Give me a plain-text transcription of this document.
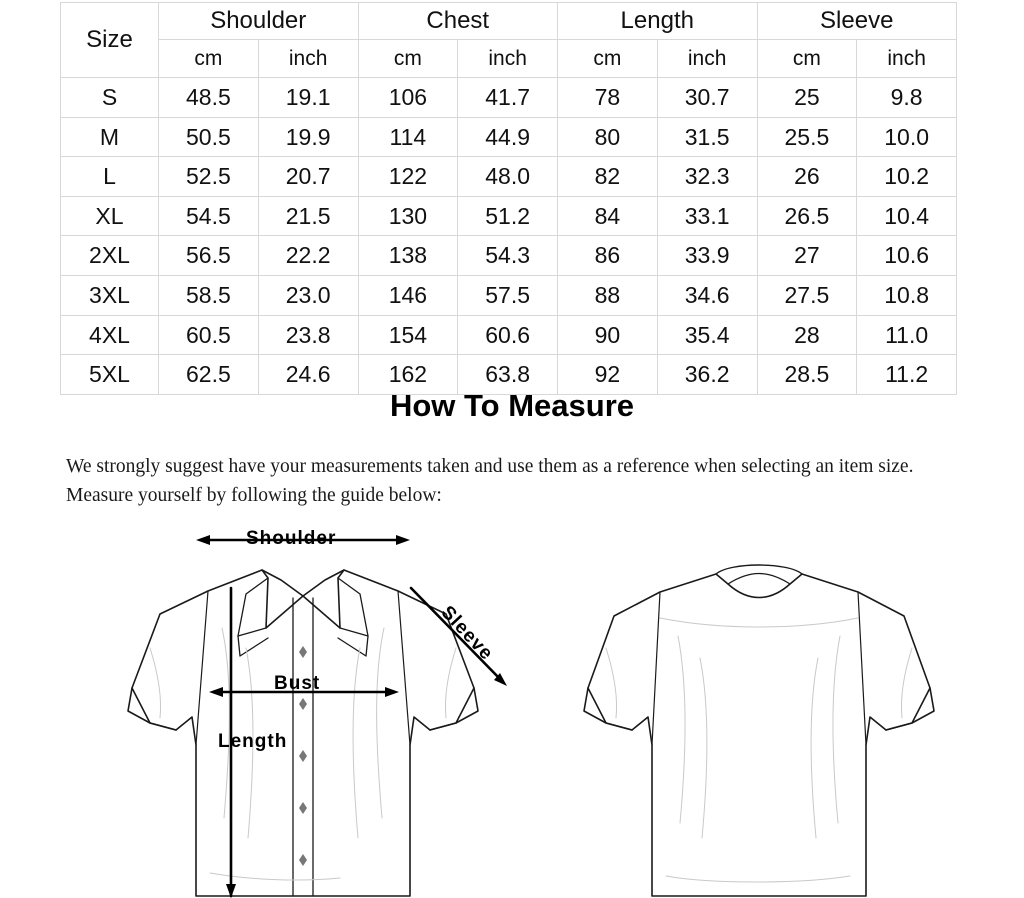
Size	Shoulder		Chest		Length		Sleeve	
	cm	inch	cm	inch	cm	inch	cm	inch
S	48.5	19.1	106	41.7	78	30.7	25	9.8
M	50.5	19.9	114	44.9	80	31.5	25.5	10.0
L	52.5	20.7	122	48.0	82	32.3	26	10.2
XL	54.5	21.5	130	51.2	84	33.1	26.5	10.4
2XL	56.5	22.2	138	54.3	86	33.9	27	10.6
3XL	58.5	23.0	146	57.5	88	34.6	27.5	10.8
4XL	60.5	23.8	154	60.6	90	35.4	28	11.0
5XL	62.5	24.6	162	63.8	92	36.2	28.5	11.2
How To Measure
We strongly suggest have your measurements taken and use them as a reference when selecting an item size.
Measure yourself by following the guide below:
Shoulder
Bust
Length
Sleeve
